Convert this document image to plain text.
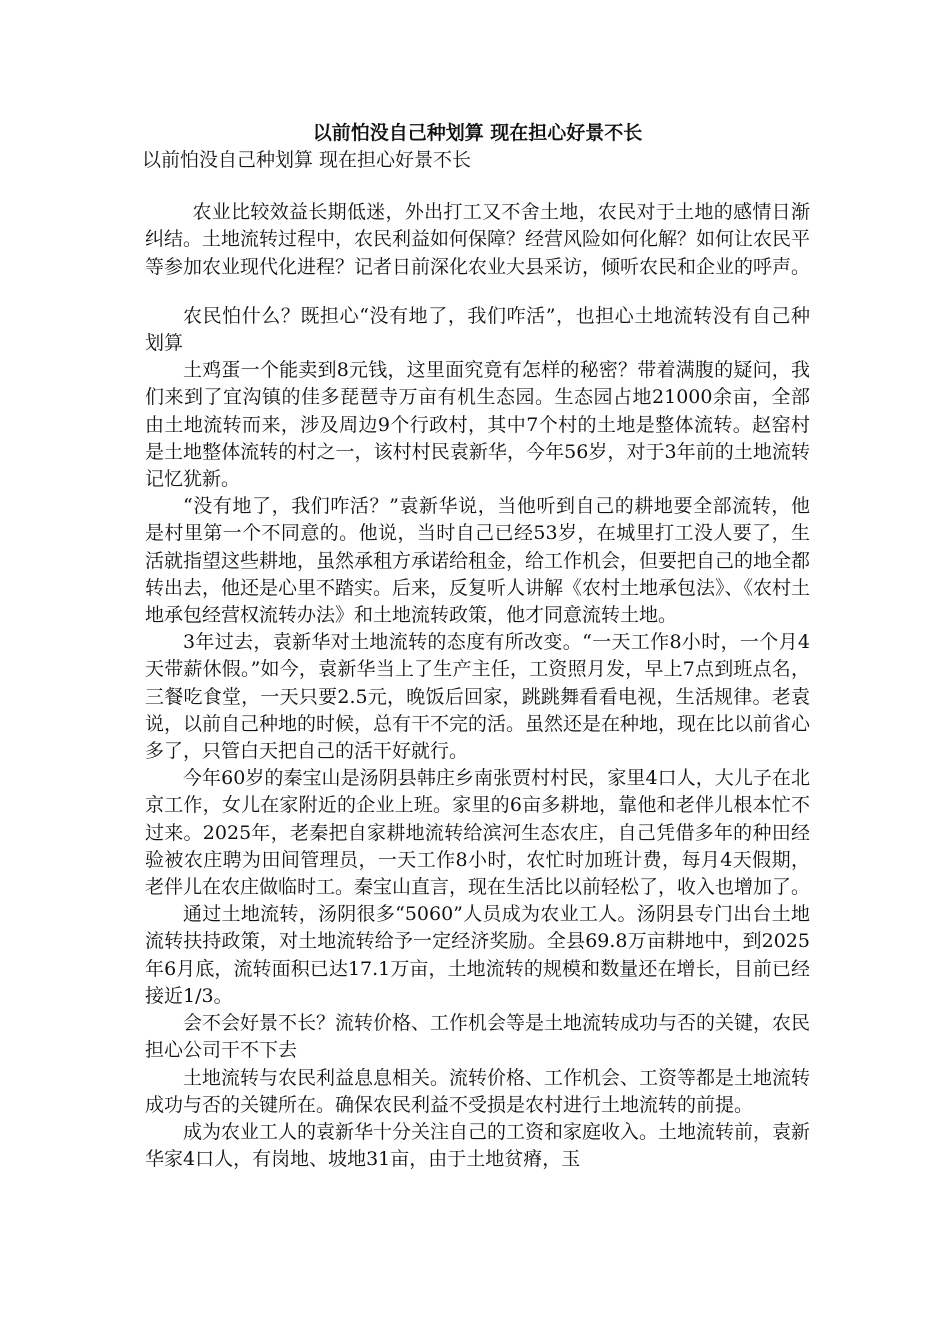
以前怕没自己种划算 现在担心好景不长
以前怕没自己种划算 现在担心好景不长

农业比较效益长期低迷，外出打工又不舍土地，农民对于土地的感情日渐纠结。土地流转过程中，农民利益如何保障？经营风险如何化解？如何让农民平等参加农业现代化进程？记者日前深化农业大县采访，倾听农民和企业的呼声。

农民怕什么？既担心“没有地了，我们咋活”，也担心土地流转没有自己种划算

土鸡蛋一个能卖到8元钱，这里面究竟有怎样的秘密？带着满腹的疑问，我们来到了宜沟镇的佳多琵琶寺万亩有机生态园。生态园占地21000余亩，全部由土地流转而来，涉及周边9个行政村，其中7个村的土地是整体流转。赵窑村是土地整体流转的村之一，该村村民袁新华，今年56岁，对于3年前的土地流转记忆犹新。

“没有地了，我们咋活？”袁新华说，当他听到自己的耕地要全部流转，他是村里第一个不同意的。他说，当时自己已经53岁，在城里打工没人要了，生活就指望这些耕地，虽然承租方承诺给租金，给工作机会，但要把自己的地全都转出去，他还是心里不踏实。后来，反复听人讲解《农村土地承包法》、《农村土地承包经营权流转办法》和土地流转政策，他才同意流转土地。

3年过去，袁新华对土地流转的态度有所改变。“一天工作8小时，一个月4天带薪休假。”如今，袁新华当上了生产主任，工资照月发，早上7点到班点名，三餐吃食堂，一天只要2.5元，晚饭后回家，跳跳舞看看电视，生活规律。老袁说，以前自己种地的时候，总有干不完的活。虽然还是在种地，现在比以前省心多了，只管白天把自己的活干好就行。

今年60岁的秦宝山是汤阴县韩庄乡南张贾村村民，家里4口人，大儿子在北京工作，女儿在家附近的企业上班。家里的6亩多耕地，靠他和老伴儿根本忙不过来。2025年，老秦把自家耕地流转给滨河生态农庄，自己凭借多年的种田经验被农庄聘为田间管理员，一天工作8小时，农忙时加班计费，每月4天假期，老伴儿在农庄做临时工。秦宝山直言，现在生活比以前轻松了，收入也增加了。

通过土地流转，汤阴很多“5060”人员成为农业工人。汤阴县专门出台土地流转扶持政策，对土地流转给予一定经济奖励。全县69.8万亩耕地中，到2025年6月底，流转面积已达17.1万亩，土地流转的规模和数量还在增长，目前已经接近1/3。

会不会好景不长？流转价格、工作机会等是土地流转成功与否的关键，农民担心公司干不下去

土地流转与农民利益息息相关。流转价格、工作机会、工资等都是土地流转成功与否的关键所在。确保农民利益不受损是农村进行土地流转的前提。

成为农业工人的袁新华十分关注自己的工资和家庭收入。土地流转前，袁新华家4口人，有岗地、坡地31亩，由于土地贫瘠，玉
